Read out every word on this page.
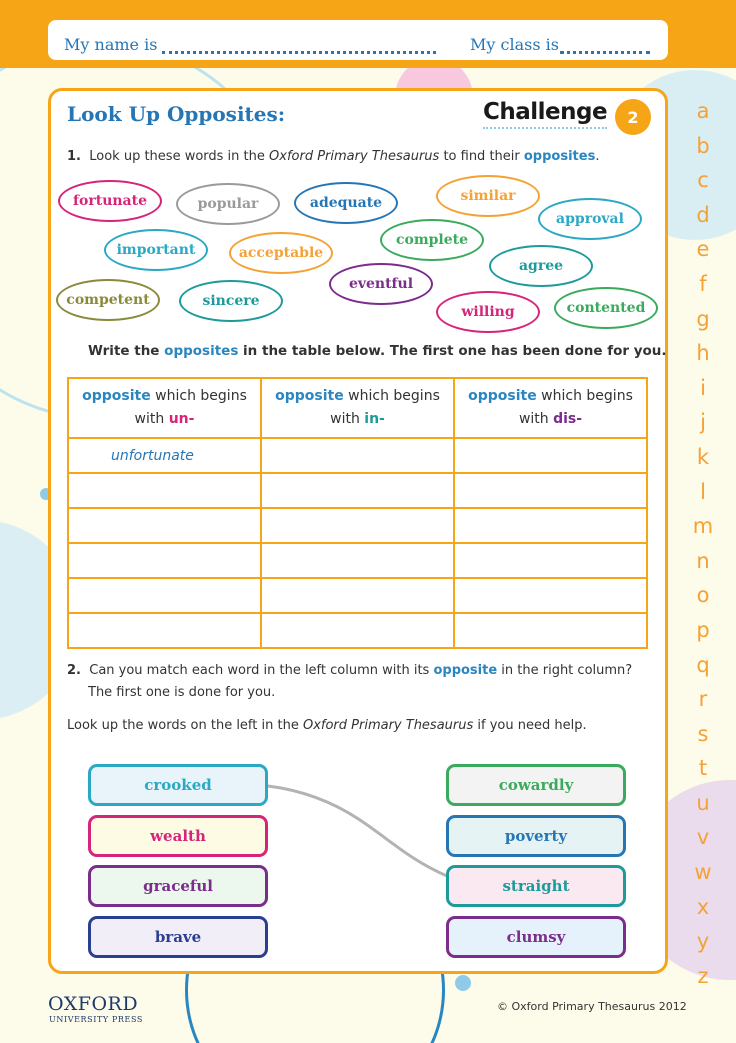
My name is	My class is
Look Up Opposites:	Challenge	2
1. Look up these words in the Oxford Primary Thesaurus to find their opposites.
fortunate	popular	adequate	similar
approval
important	acceptable
complete
agree
eventful
competent	sincere
willing	contented
Write the opposites in the table below. The first one has been done for you.
opposite which begins
with un-	opposite which begins
with in-	opposite which begins
with dis-
unfortunate		

2. Can you match each word in the left column with its opposite in the right column?
The first one is done for you.
Look up the words on the left in the Oxford Primary Thesaurus if you need help.
crooked
wealth
graceful
brave
cowardly
poverty
straight
clumsy
a
b
c
d
e
f
g
h
i
j
k
l
m
n
o
p
q
r
s
t
u
v
w
x
y
z
OXFORD
UNIVERSITY PRESS
© Oxford Primary Thesaurus 2012
